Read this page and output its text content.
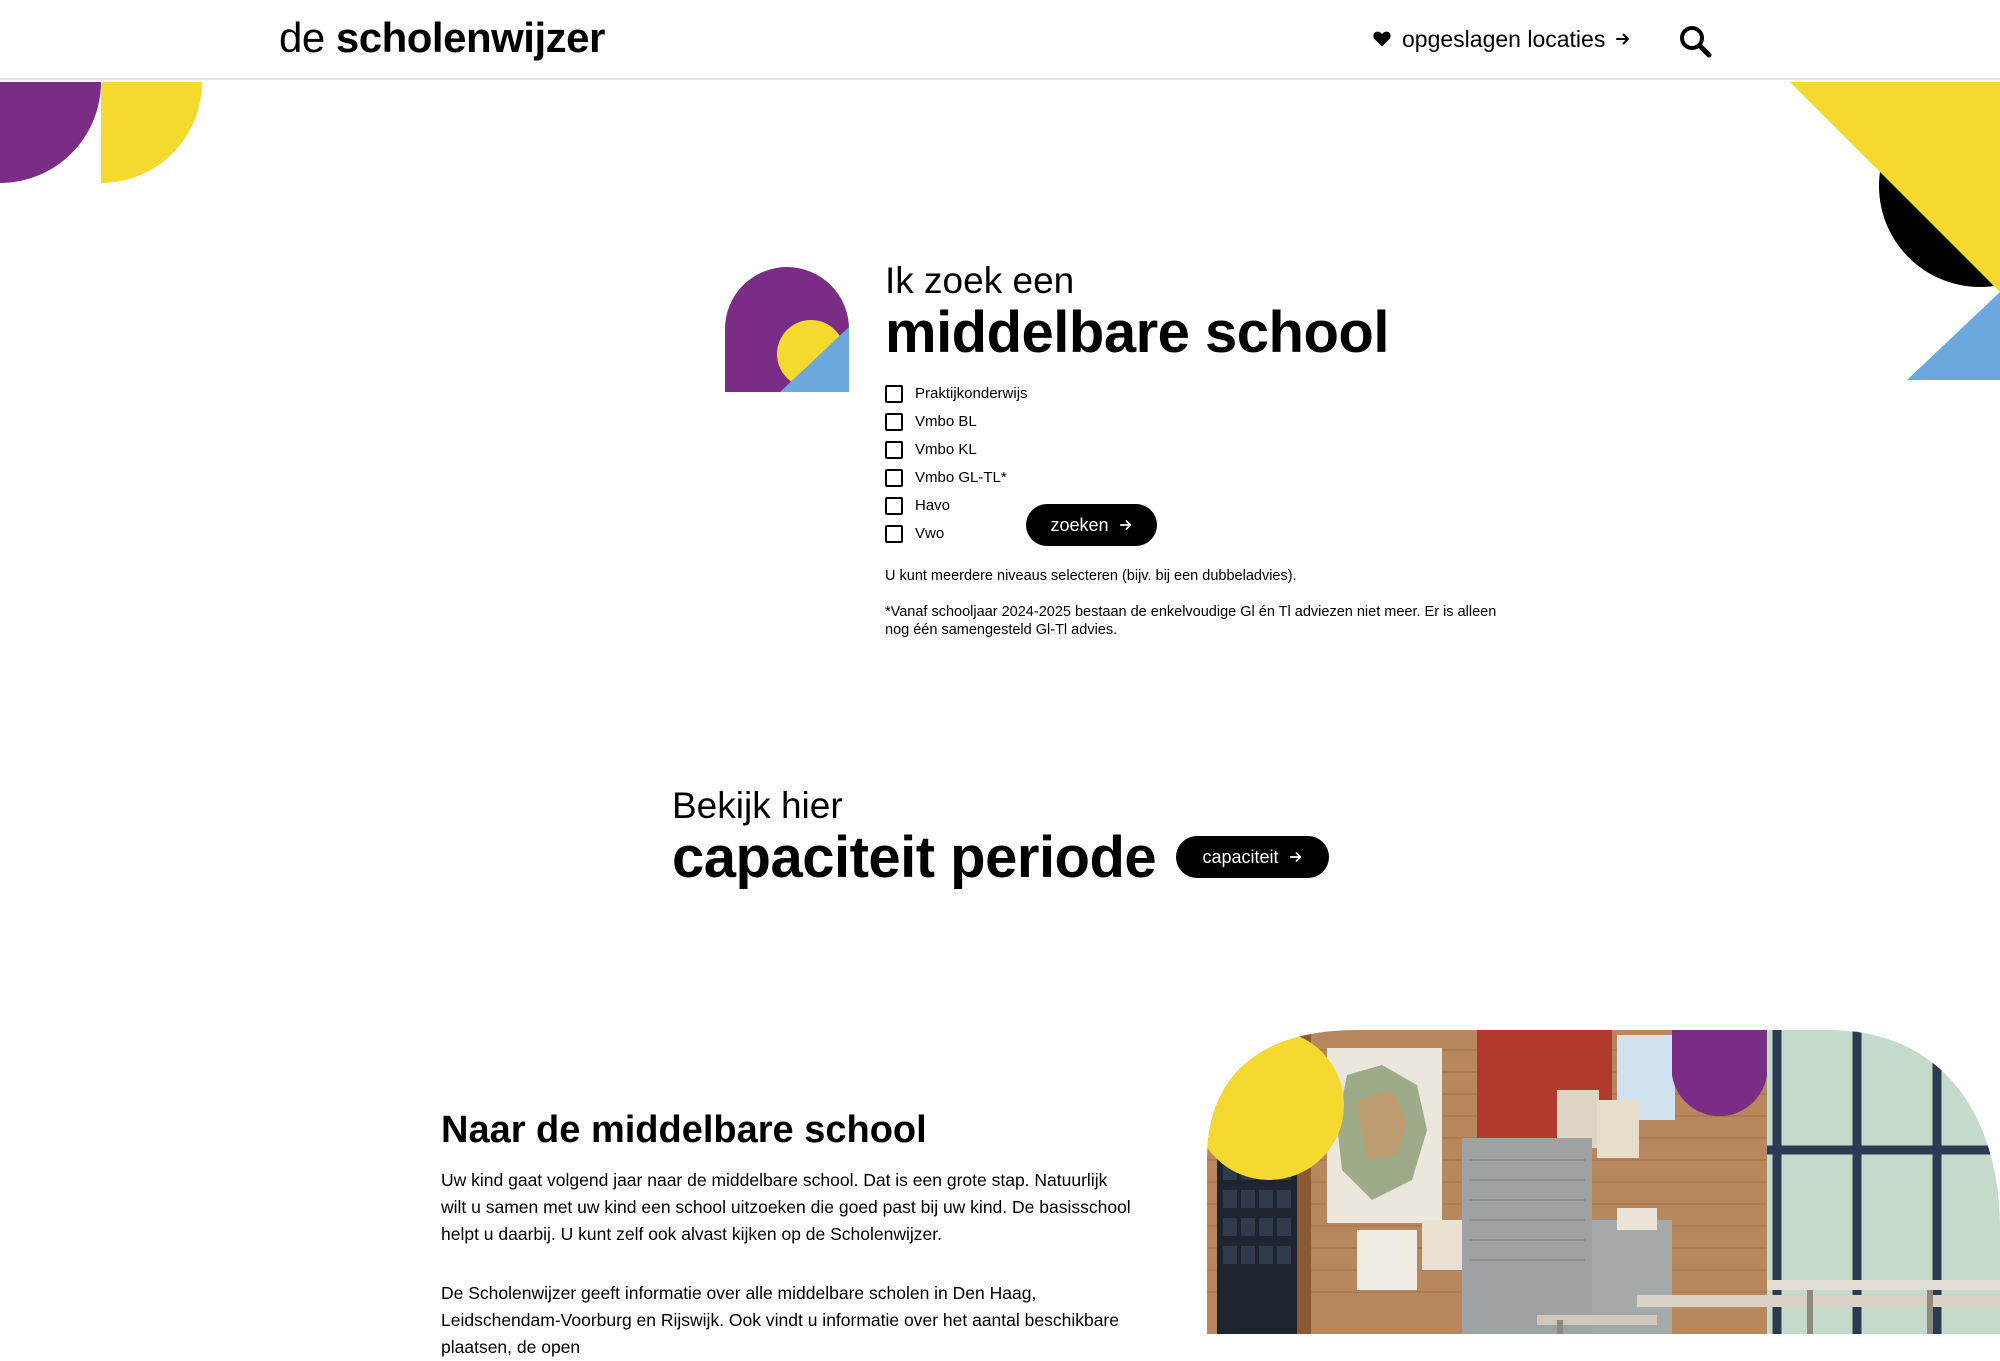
de scholenwijzer	opgeslagen locaties
Ik zoek een
middelbare school
Praktijkonderwijs
Vmbo BL
Vmbo KL
Vmbo GL-TL*
Havo
Vwo	zoeken
U kunt meerdere niveaus selecteren (bijv. bij een dubbeladvies).
*Vanaf schooljaar 2024-2025 bestaan de enkelvoudige Gl én Tl adviezen niet meer. Er is alleen nog één samengesteld Gl-Tl advies.
Bekijk hier
capaciteit periode	capaciteit
Naar de middelbare school
Uw kind gaat volgend jaar naar de middelbare school. Dat is een grote stap. Natuurlijk wilt u samen met uw kind een school uitzoeken die goed past bij uw kind. De basisschool helpt u daarbij. U kunt zelf ook alvast kijken op de Scholenwijzer.
De Scholenwijzer geeft informatie over alle middelbare scholen in Den Haag, Leidschendam-Voorburg en Rijswijk. Ook vindt u informatie over het aantal beschikbare plaatsen, de open
